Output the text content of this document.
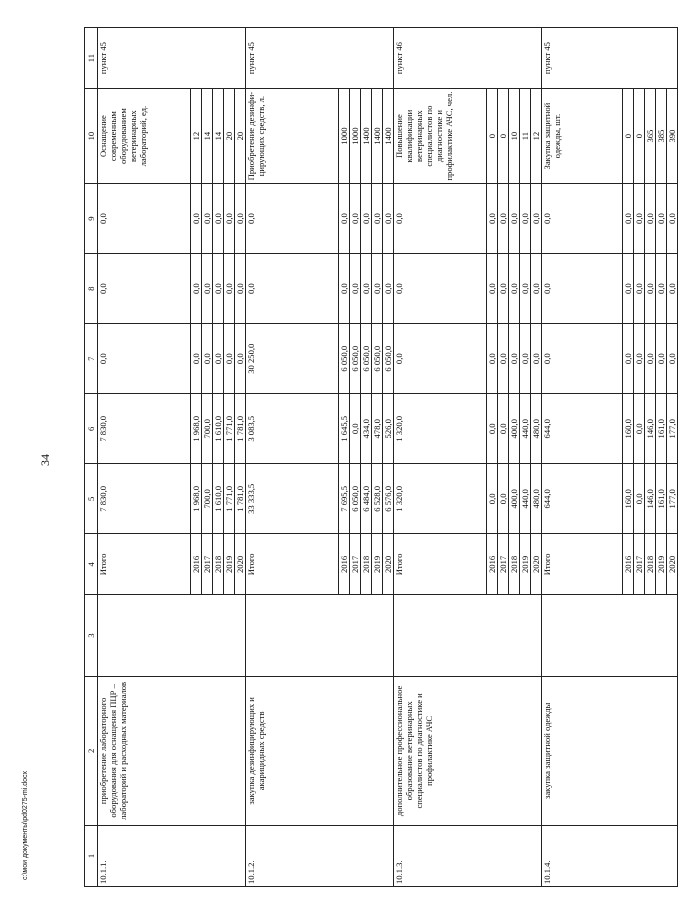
34
1	2	3	4	5	6	7	8	9	10	11
10.1.1.	приобретение лабораторного оборудования для оснащения ПЦР – лабораторий и расходных материалов		Итого	7 830,0	7 830,0	0,0	0,0	0,0	Оснащение современным оборудованием ветеринарных лабораторий, ед.	пункт 45
			2016	1 968,0	1 968,0	0,0	0,0	0,0	12	
			2017	700,0	700,0	0,0	0,0	0,0	14	
			2018	1 610,0	1 610,0	0,0	0,0	0,0	14	
			2019	1 771,0	1 771,0	0,0	0,0	0,0	20	
			2020	1 781,0	1 781,0	0,0	0,0	0,0	20	
10.1.2.	закупка дезинфицирующих и акарицидных средств		Итого	33 333,5	3 083,5	30 250,0	0,0	0,0	Приобретение дезинфи-цирующих средств, л.	пункт 45
			2016	7 695,5	1 645,5	6 050,0	0,0	0,0	1000	
			2017	6 050,0	0,0	6 050,0	0,0	0,0	1000	
			2018	6 484,0	434,0	6 050,0	0,0	0,0	1400	
			2019	6 528,0	478,0	6 050,0	0,0	0,0	1400	
			2020	6 576,0	526,0	6 050,0	0,0	0,0	1400	
10.1.3.	дополнительное профессиональное образование ветеринарных специалистов по диагностике и профилактике АЧС		Итого	1 320,0	1 320,0	0,0	0,0	0,0	Повышение квалификации ветеринарных специалистов по диагностике и профилактике АЧС, чел.	пункт 46
			2016	0,0	0,0	0,0	0,0	0,0	0	
			2017	0,0	0,0	0,0	0,0	0,0	0	
			2018	400,0	400,0	0,0	0,0	0,0	10	
			2019	440,0	440,0	0,0	0,0	0,0	11	
			2020	480,0	480,0	0,0	0,0	0,0	12	
10.1.4.	закупка защитной одежды		Итого	644,0	644,0	0,0	0,0	0,0	Закупка защитной одежды, шт.	пункт 45
			2016	160,0	160,0	0,0	0,0	0,0	0	
			2017	0,0	0,0	0,0	0,0	0,0	0	
			2018	146,0	146,0	0,0	0,0	0,0	365	
			2019	161,0	161,0	0,0	0,0	0,0	385	
			2020	177,0	177,0	0,0	0,0	0,0	390	
c:\мои документы\pd0275-mi.docx
